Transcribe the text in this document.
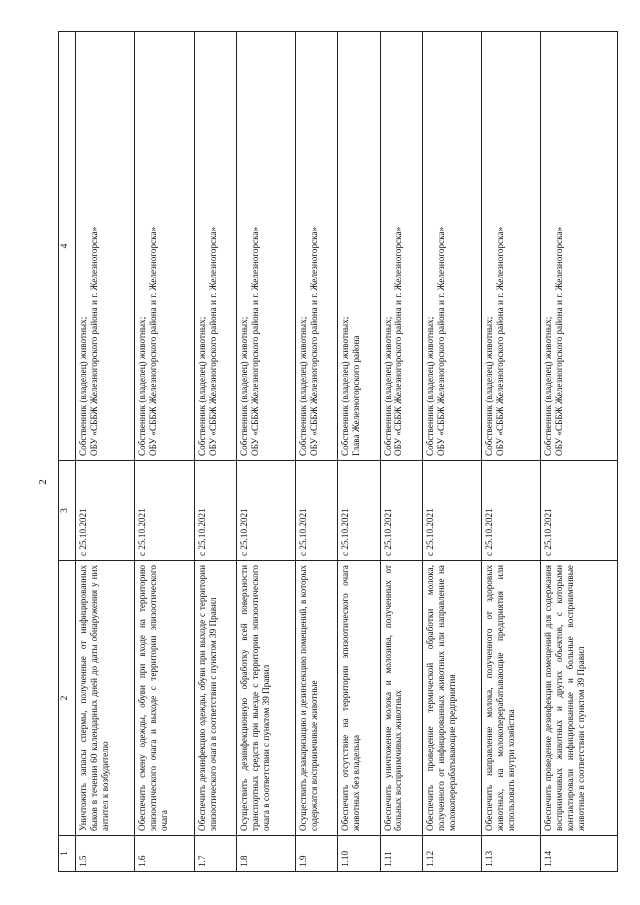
2
1	2	3	4
1.5	Уничтожить запасы спермы, полученные от инфицированных быков в течении 60 календарных дней до даты обнаружения у них антител к возбудителю	с 25.10.2021	Собственник (владелец) животных; ОБУ «СББЖ Железногорского района и г. Железногорска»

1.6	Обеспечить смену одежды, обуви при входе на территорию эпизоотического очага и выходе с территории эпизоотического очага	с 25.10.2021	Собственник (владелец) животных; ОБУ «СББЖ Железногорского района и г. Железногорска»

1.7	Обеспечить дезинфекцию одежды, обуви при выходе с территории эпизоотического очага в соответствии с пунктом 39 Правил	с 25.10.2021	Собственник (владелец) животных; ОБУ «СББЖ Железногорского района и г. Железногорска»

1.8	Осуществить дезинфекционную обработку всей поверхности транспортных средств при выезде с территории эпизоотического очага в соответствии с пунктом 39 Правил	с 25.10.2021	Собственник (владелец) животных; ОБУ «СББЖ Железногорского района и г. Железногорска»

1.9	Осуществить дезакаризацию и дезинсекцию помещений, в которых содержатся восприимчивые животные	с 25.10.2021	Собственник (владелец) животных; ОБУ «СББЖ Железногорского района и г. Железногорска»

1.10	Обеспечить отсутствие на территории эпизоотического очага животных без владельца	с 25.10.2021	Собственник (владелец) животных; Глава Железногорского района

1.11	Обеспечить уничтожение молока и молозива, полученных от больных восприимчивых животных	с 25.10.2021	Собственник (владелец) животных; ОБУ «СББЖ Железногорского района и г. Железногорска»

1.12	Обеспечить проведение термической обработки молока, полученного от инфицированных животных или направление на молокоперерабатывающие предприятия	с 25.10.2021	Собственник (владелец) животных; ОБУ «СББЖ Железногорского района и г. Железногорска»

1.13	Обеспечить направление молока, полученного от здоровых животных, на молокоперерабатывающие предприятия или использовать внутри хозяйства	с 25.10.2021	Собственник (владелец) животных; ОБУ «СББЖ Железногорского района и г. Железногорска»

1.14	Обеспечить проведение дезинфекции помещений для содержания восприимчивых животных и других объектов, с которыми контактировали инфицированные и больные восприимчивые животные в соответствии с пунктом 39 Правил	с 25.10.2021	Собственник (владелец) животных; ОБУ «СББЖ Железногорского района и г. Железногорска»
